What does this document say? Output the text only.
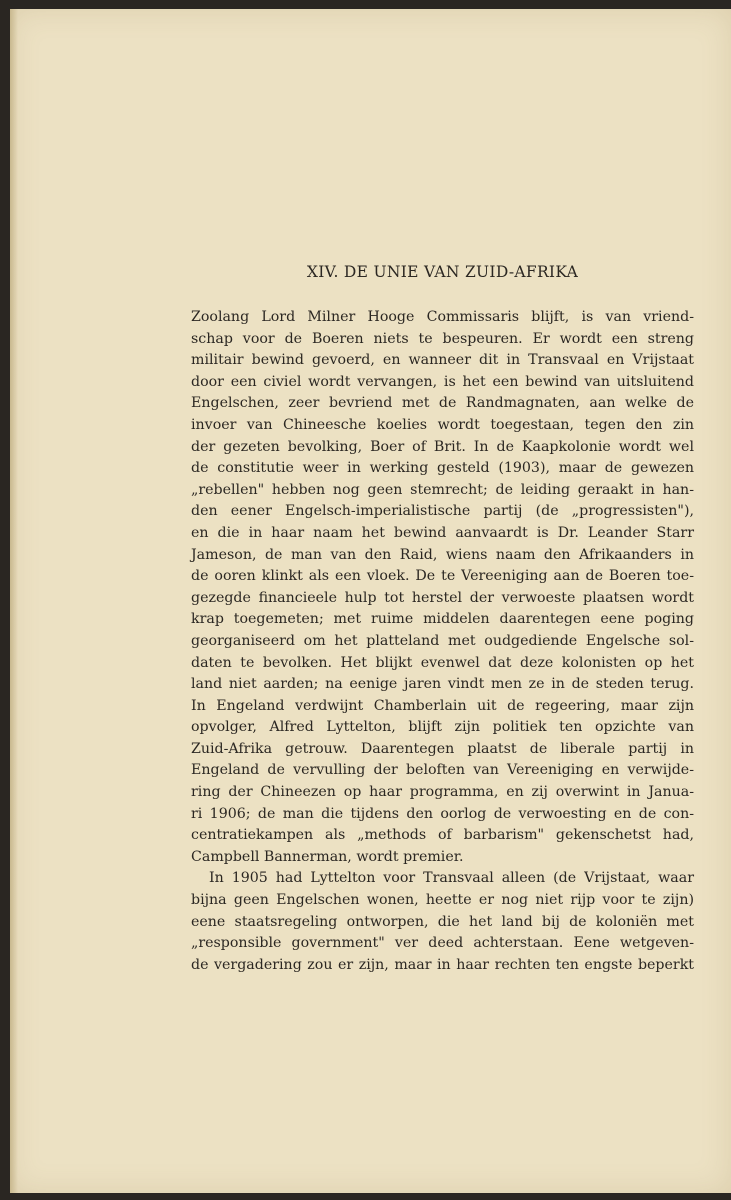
XIV. DE UNIE VAN ZUID-AFRIKA
Zoolang Lord Milner Hooge Commissaris blijft, is van vriend-
schap voor de Boeren niets te bespeuren. Er wordt een streng
militair bewind gevoerd, en wanneer dit in Transvaal en Vrijstaat
door een civiel wordt vervangen, is het een bewind van uitsluitend
Engelschen, zeer bevriend met de Randmagnaten, aan welke de
invoer van Chineesche koelies wordt toegestaan, tegen den zin
der gezeten bevolking, Boer of Brit. In de Kaapkolonie wordt wel
de constitutie weer in werking gesteld (1903), maar de gewezen
„rebellen" hebben nog geen stemrecht; de leiding geraakt in han-
den eener Engelsch-imperialistische partij (de „progressisten"),
en die in haar naam het bewind aanvaardt is Dr. Leander Starr
Jameson, de man van den Raid, wiens naam den Afrikaanders in
de ooren klinkt als een vloek. De te Vereeniging aan de Boeren toe-
gezegde financieele hulp tot herstel der verwoeste plaatsen wordt
krap toegemeten; met ruime middelen daarentegen eene poging
georganiseerd om het platteland met oudgediende Engelsche sol-
daten te bevolken. Het blijkt evenwel dat deze kolonisten op het
land niet aarden; na eenige jaren vindt men ze in de steden terug.
In Engeland verdwijnt Chamberlain uit de regeering, maar zijn
opvolger, Alfred Lyttelton, blijft zijn politiek ten opzichte van
Zuid-Afrika getrouw. Daarentegen plaatst de liberale partij in
Engeland de vervulling der beloften van Vereeniging en verwijde-
ring der Chineezen op haar programma, en zij overwint in Janua-
ri 1906; de man die tijdens den oorlog de verwoesting en de con-
centratiekampen als „methods of barbarism" gekenschetst had,
Campbell Bannerman, wordt premier.
In 1905 had Lyttelton voor Transvaal alleen (de Vrijstaat, waar
bijna geen Engelschen wonen, heette er nog niet rijp voor te zijn)
eene staatsregeling ontworpen, die het land bij de koloniën met
„responsible government" ver deed achterstaan. Eene wetgeven-
de vergadering zou er zijn, maar in haar rechten ten engste beperkt
